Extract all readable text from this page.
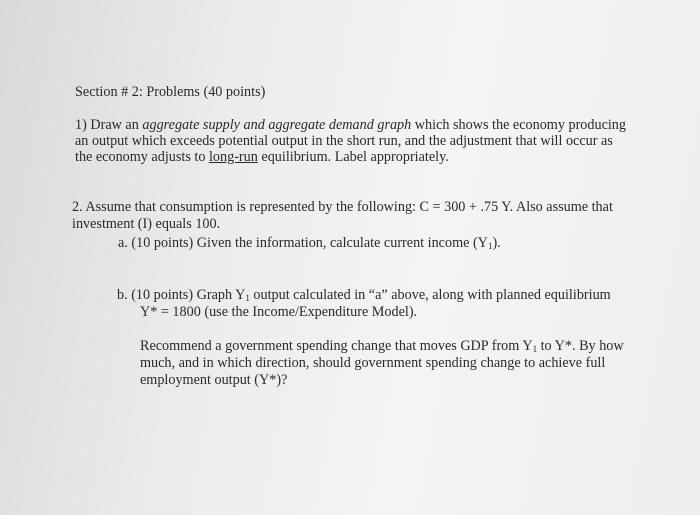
Section # 2: Problems (40 points)
1) Draw an aggregate supply and aggregate demand graph which shows the economy producing
an output which exceeds potential output in the short run, and the adjustment that will occur as
the economy adjusts to long-run equilibrium. Label appropriately.
2. Assume that consumption is represented by the following: C = 300 + .75 Y. Also assume that
investment (I) equals 100.
a. (10 points) Given the information, calculate current income $(Y_1)$.
b. (10 points) Graph $Y_1$ output calculated in “a” above, along with planned equilibrium
Y* = 1800 (use the Income/Expenditure Model).
Recommend a government spending change that moves GDP from $Y_1$ to Y*. By how
much, and in which direction, should government spending change to achieve full
employment output (Y*)?
